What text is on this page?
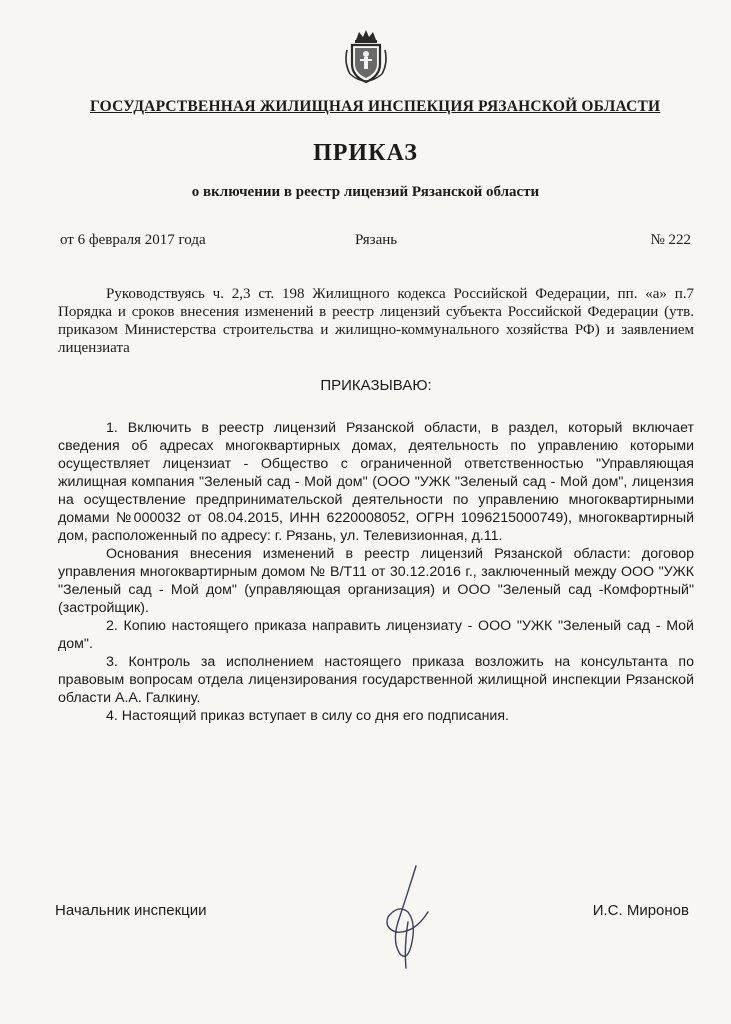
ГОСУДАРСТВЕННАЯ ЖИЛИЩНАЯ ИНСПЕКЦИЯ РЯЗАНСКОЙ ОБЛАСТИ
ПРИКАЗ
о включении в реестр лицензий Рязанской области
от 6 февраля 2017 года	Рязань	№ 222

Руководствуясь ч. 2,3 ст. 198 Жилищного кодекса Российской Федерации, пп. «а» п.7 Порядка и сроков внесения изменений в реестр лицензий субъекта Российской Федерации (утв. приказом Министерства строительства и жилищно-коммунального хозяйства РФ) и заявлением лицензиата

ПРИКАЗЫВАЮ:

1. Включить в реестр лицензий Рязанской области, в раздел, который включает сведения об адресах многоквартирных домах, деятельность по управлению которыми осуществляет лицензиат - Общество с ограниченной ответственностью "Управляющая жилищная компания "Зеленый сад - Мой дом" (ООО "УЖК "Зеленый сад - Мой дом", лицензия на осуществление предпринимательской деятельности по управлению многоквартирными домами №000032 от 08.04.2015, ИНН 6220008052, ОГРН 1096215000749), многоквартирный дом, расположенный по адресу: г. Рязань, ул. Телевизионная, д.11.

Основания внесения изменений в реестр лицензий Рязанской области: договор управления многоквартирным домом № В/Т11 от 30.12.2016 г., заключенный между ООО "УЖК "Зеленый сад - Мой дом" (управляющая организация) и ООО "Зеленый сад -Комфортный" (застройщик).

2. Копию настоящего приказа направить лицензиату - ООО "УЖК "Зеленый сад - Мой дом".

3. Контроль за исполнением настоящего приказа возложить на консультанта по правовым вопросам отдела лицензирования государственной жилищной инспекции Рязанской области А.А. Галкину.

4. Настоящий приказ вступает в силу со дня его подписания.

Начальник инспекции	И.С. Миронов
